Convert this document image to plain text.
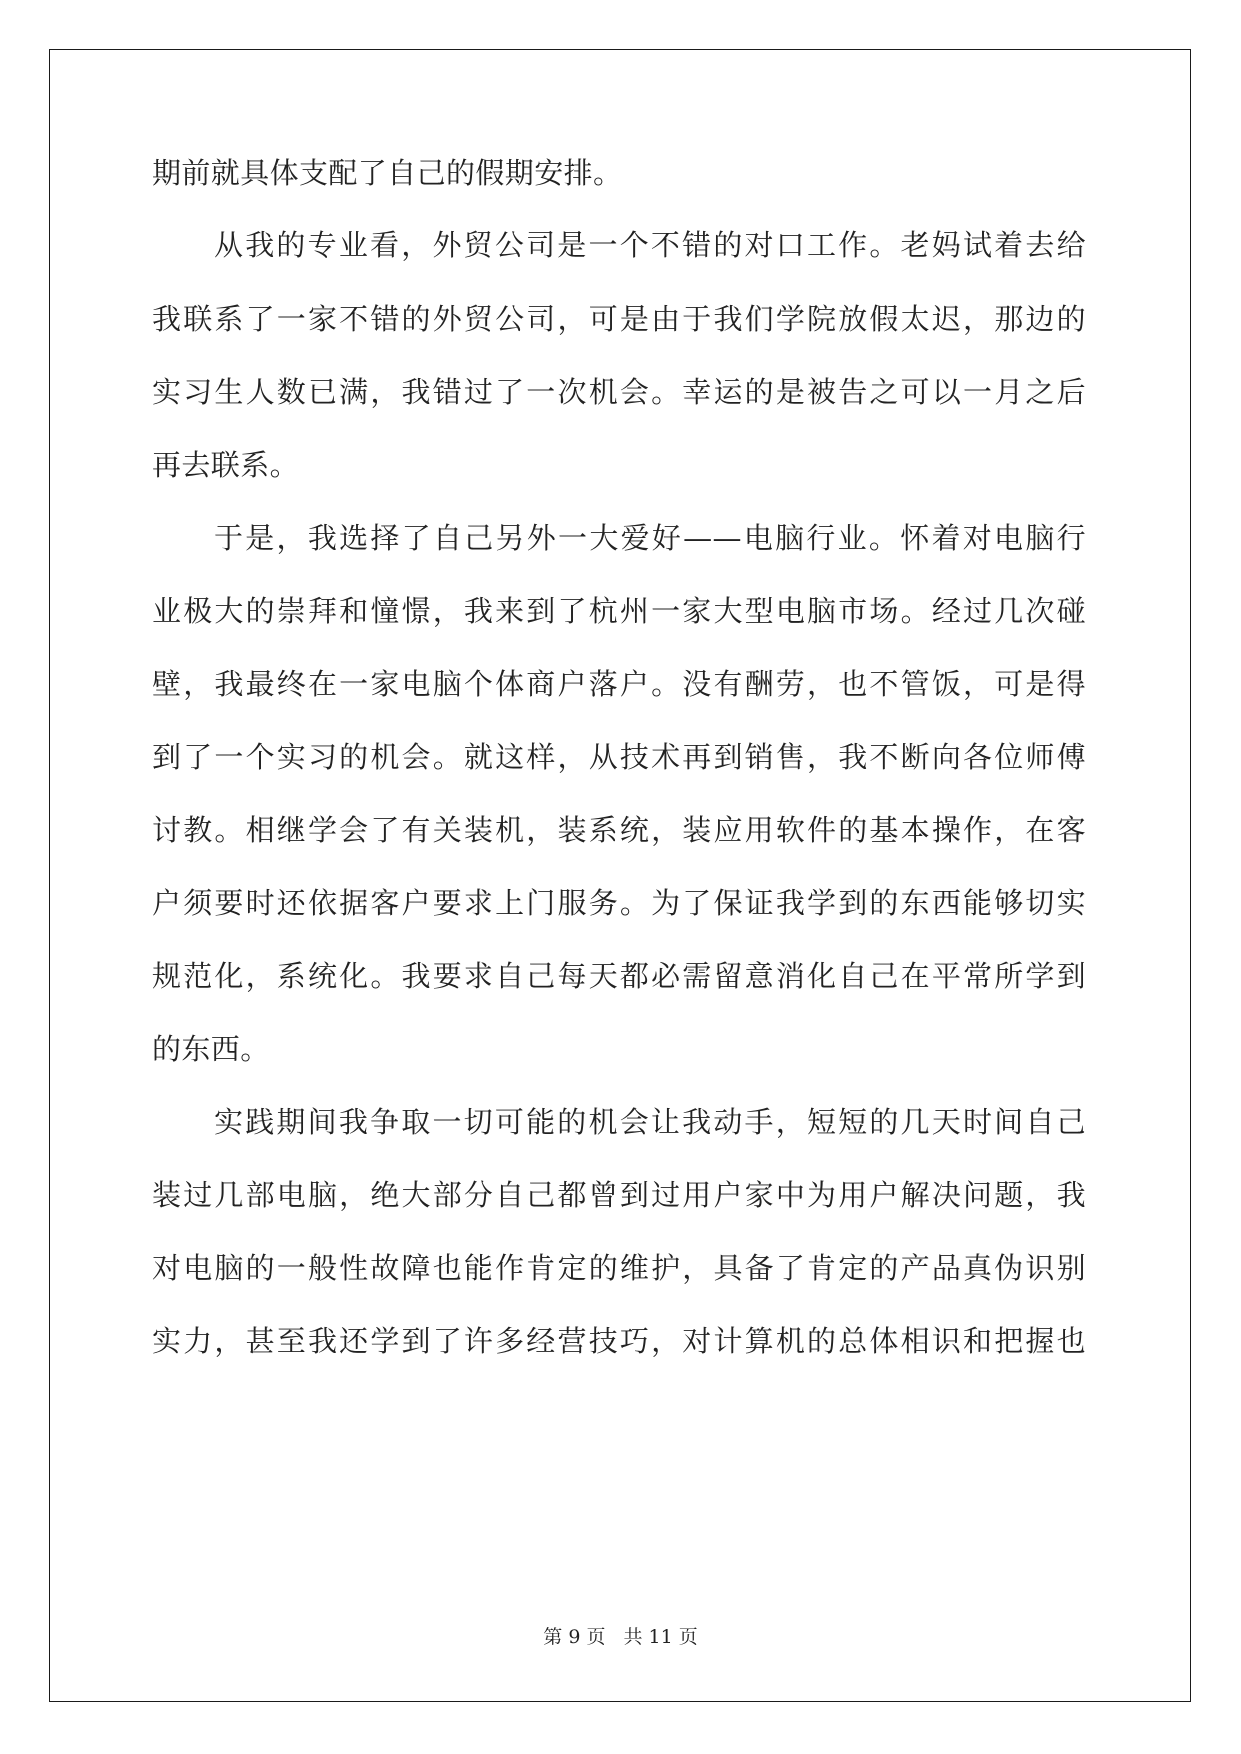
期前就具体支配了自己的假期安排。
从我的专业看，外贸公司是一个不错的对口工作。老妈试着去给
我联系了一家不错的外贸公司，可是由于我们学院放假太迟，那边的
实习生人数已满，我错过了一次机会。幸运的是被告之可以一月之后
再去联系。
于是，我选择了自己另外一大爱好——电脑行业。怀着对电脑行
业极大的崇拜和憧憬，我来到了杭州一家大型电脑市场。经过几次碰
壁，我最终在一家电脑个体商户落户。没有酬劳，也不管饭，可是得
到了一个实习的机会。就这样，从技术再到销售，我不断向各位师傅
讨教。相继学会了有关装机，装系统，装应用软件的基本操作，在客
户须要时还依据客户要求上门服务。为了保证我学到的东西能够切实
规范化，系统化。我要求自己每天都必需留意消化自己在平常所学到
的东西。
实践期间我争取一切可能的机会让我动手，短短的几天时间自己
装过几部电脑，绝大部分自己都曾到过用户家中为用户解决问题，我
对电脑的一般性故障也能作肯定的维护，具备了肯定的产品真伪识别
实力，甚至我还学到了许多经营技巧，对计算机的总体相识和把握也
第 9 页 共 11 页
